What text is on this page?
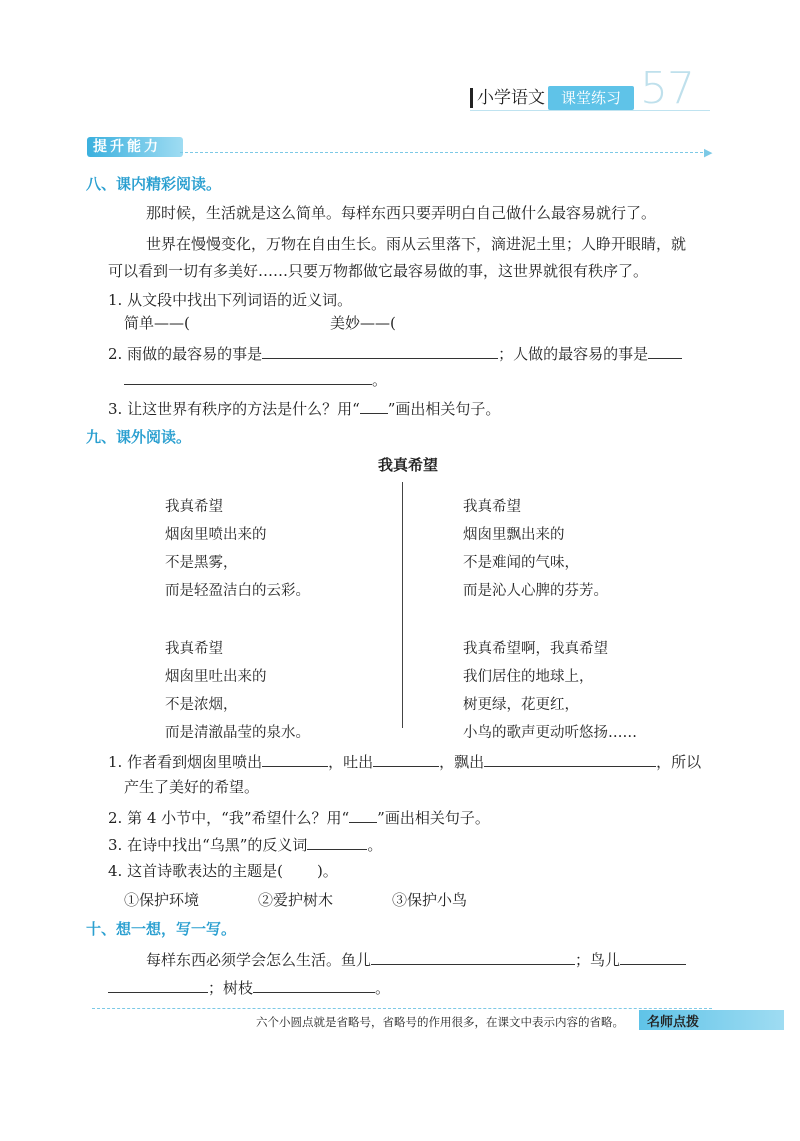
小学语文	课堂练习 57
提升能力	▶
八、课内精彩阅读。
那时候，生活就是这么简单。每样东西只要弄明白自己做什么最容易就行了。
世界在慢慢变化，万物在自由生长。雨从云里落下，滴进泥土里；人睁开眼睛，就
可以看到一切有多美好……只要万物都做它最容易做的事，这世界就很有秩序了。
1. 从文段中找出下列词语的近义词。
简单——(	美妙——(
2. 雨做的最容易的事是	；人做的最容易的事是
。
3. 让这世界有秩序的方法是什么？用“ ”画出相关句子。
九、课外阅读。
我真希望
我真希望
烟囱里喷出来的
不是黑雾，
而是轻盈洁白的云彩。
我真希望
烟囱里吐出来的
不是浓烟，
而是清澈晶莹的泉水。
我真希望
烟囱里飘出来的
不是难闻的气味，
而是沁人心脾的芬芳。
我真希望啊，我真希望
我们居住的地球上，
树更绿，花更红，
小鸟的歌声更动听悠扬……
1. 作者看到烟囱里喷出	，吐出	，飘出	，所以
产生了美好的希望。
2. 第 4 小节中，“我”希望什么？用“ ”画出相关句子。
3. 在诗中找出“乌黑”的反义词	。
4. 这首诗歌表达的主题是( )。
①保护环境	②爱护树木	③保护小鸟
十、想一想，写一写。
每样东西必须学会怎么生活。鱼儿	；鸟儿
；树枝	。
六个小圆点就是省略号，省略号的作用很多，在课文中表示内容的省略。 名师点拨
